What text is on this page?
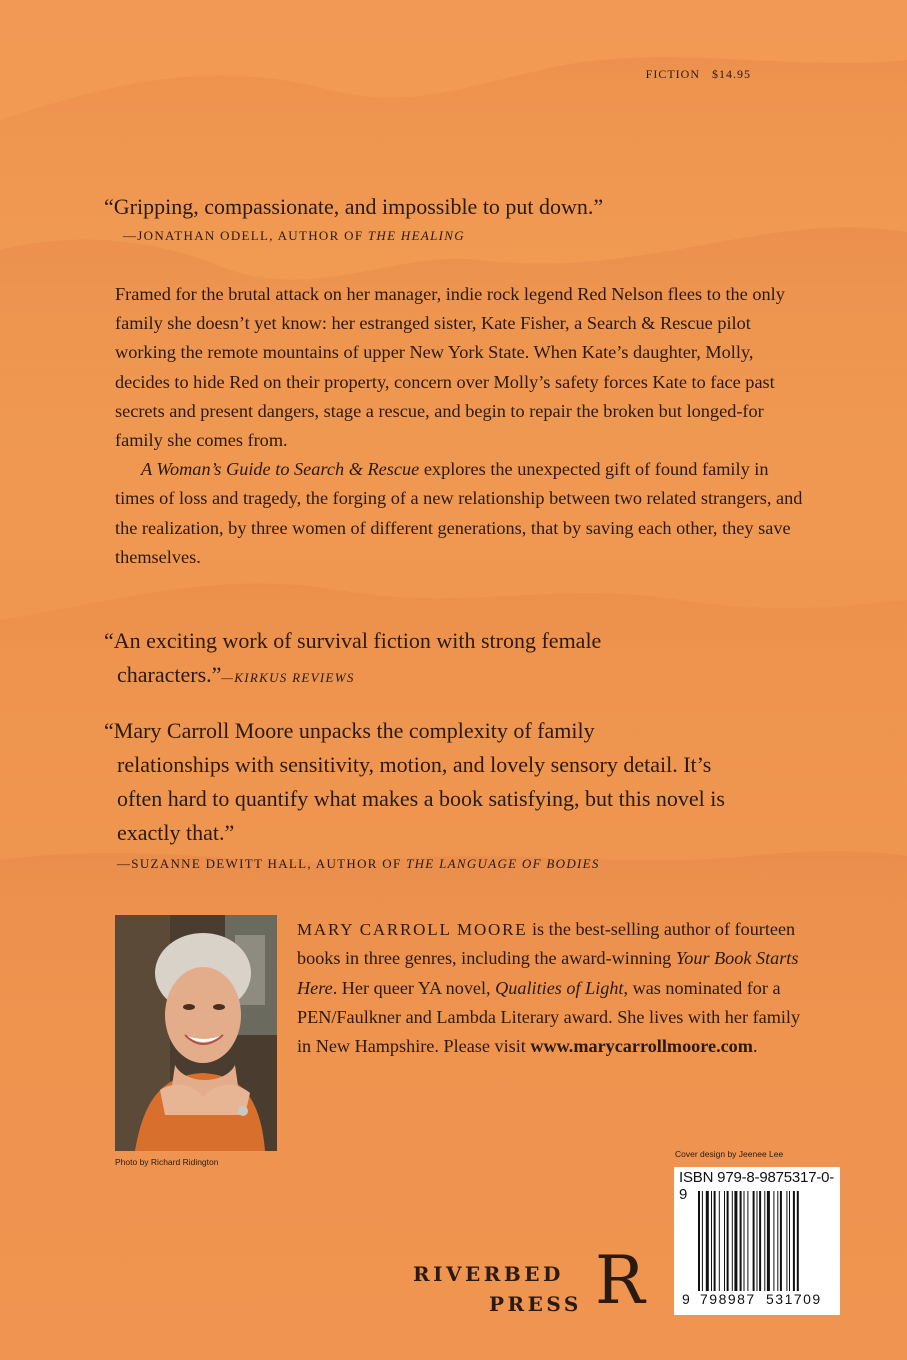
FICTION $14.95
“Gripping, compassionate, and impossible to put down.”
—JONATHAN ODELL, AUTHOR OF THE HEALING

Framed for the brutal attack on her manager, indie rock legend Red Nelson flees to the only family she doesn’t yet know: her estranged sister, Kate Fisher, a Search & Rescue pilot working the remote mountains of upper New York State. When Kate’s daughter, Molly, decides to hide Red on their property, concern over Molly’s safety forces Kate to face past secrets and present dangers, stage a rescue, and begin to repair the broken but longed-for family she comes from.

A Woman’s Guide to Search & Rescue explores the unexpected gift of found family in times of loss and tragedy, the forging of a new relationship between two related strangers, and the realization, by three women of different generations, that by saving each other, they save themselves.

“An exciting work of survival fiction with strong female
characters.”—KIRKUS REVIEWS
“Mary Carroll Moore unpacks the complexity of family
relationships with sensitivity, motion, and lovely sensory detail. It’s often hard to quantify what makes a book satisfying, but this novel is exactly that.”
—SUZANNE DEWITT HALL, AUTHOR OF THE LANGUAGE OF BODIES
Photo by Richard Ridington
MARY CARROLL MOORE is the best-selling author of fourteen books in three genres, including the award-winning Your Book Starts Here. Her queer YA novel, Qualities of Light, was nominated for a PEN/Faulkner and Lambda Literary award. She lives with her family in New Hampshire. Please visit www.marycarrollmoore.com.
Cover design by Jeenee Lee
ISBN 979-8-9875317-0-9
9 798987 531709
RIVERBED
PRESS R
